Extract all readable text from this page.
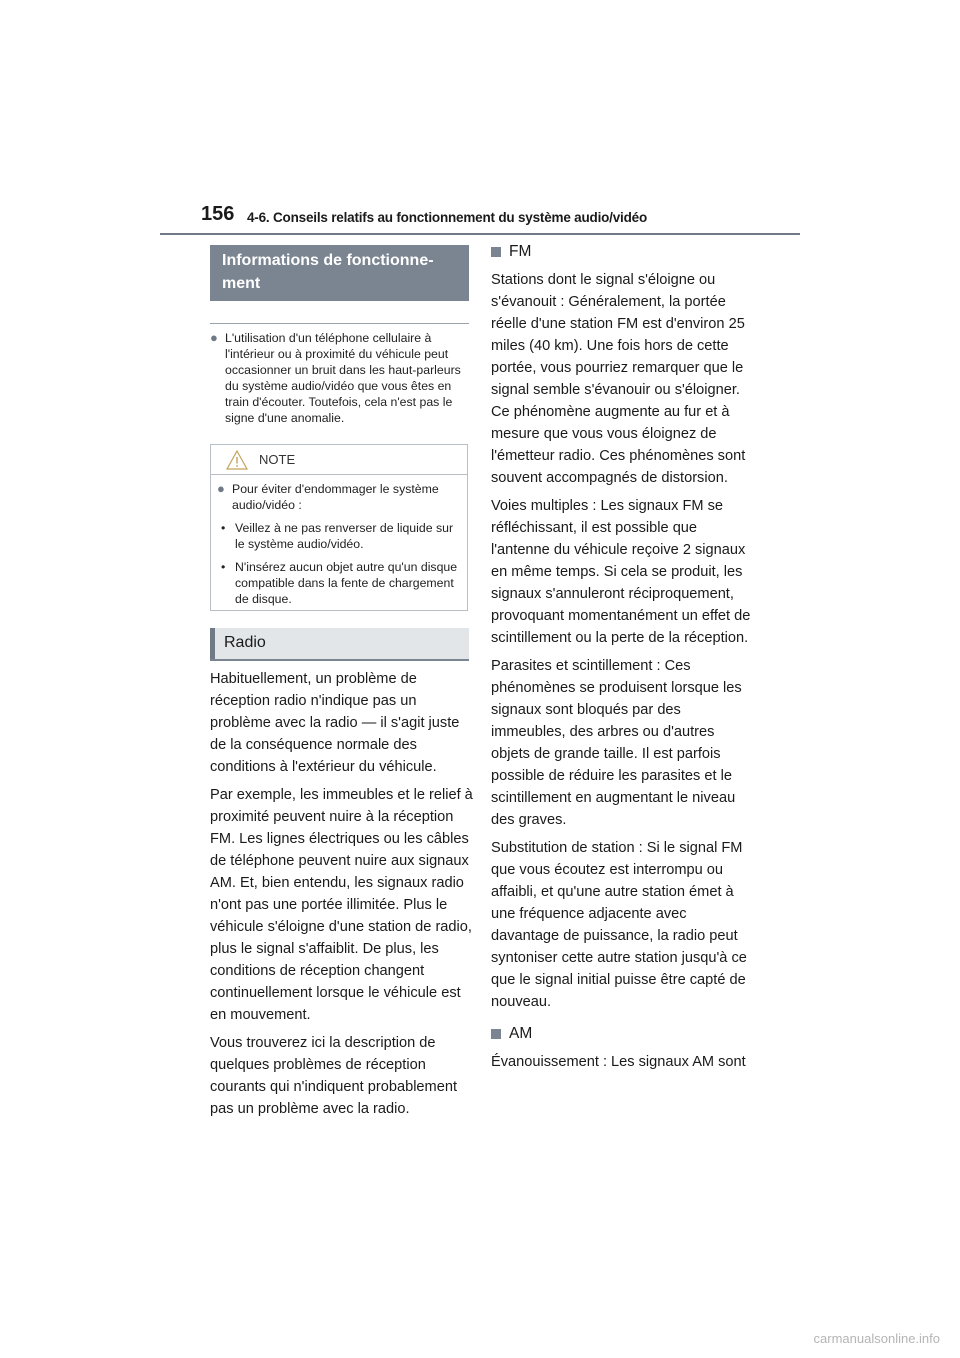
156 4-6. Conseils relatifs au fonctionnement du système audio/vidéo
Informations de fonctionne-
ment
● L'utilisation d'un téléphone cellulaire à l'intérieur ou à proximité du véhicule peut occasionner un bruit dans les haut-parleurs du système audio/vidéo que vous êtes en train d'écouter. Toutefois, cela n'est pas le signe d'une anomalie.
NOTE
● Pour éviter d'endommager le système audio/vidéo :
• Veillez à ne pas renverser de liquide sur le système audio/vidéo.
• N'insérez aucun objet autre qu'un disque compatible dans la fente de chargement de disque.
Radio

Habituellement, un problème de réception radio n'indique pas un problème avec la radio — il s'agit juste de la conséquence normale des conditions à l'extérieur du véhicule.

Par exemple, les immeubles et le relief à proximité peuvent nuire à la réception FM. Les lignes électriques ou les câbles de téléphone peuvent nuire aux signaux AM. Et, bien entendu, les signaux radio n'ont pas une portée illimitée. Plus le véhicule s'éloigne d'une station de radio, plus le signal s'affaiblit. De plus, les conditions de réception changent continuellement lorsque le véhicule est en mouvement.

Vous trouverez ici la description de quelques problèmes de réception courants qui n'indiquent probablement pas un problème avec la radio.

FM

Stations dont le signal s'éloigne ou s'évanouit : Généralement, la portée réelle d'une station FM est d'environ 25 miles (40 km). Une fois hors de cette portée, vous pourriez remarquer que le signal semble s'évanouir ou s'éloigner. Ce phénomène augmente au fur et à mesure que vous vous éloignez de l'émetteur radio. Ces phénomènes sont souvent accompagnés de distorsion.

Voies multiples : Les signaux FM se réfléchissant, il est possible que l'antenne du véhicule reçoive 2 signaux en même temps. Si cela se produit, les signaux s'annuleront réciproquement, provoquant momentanément un effet de scintillement ou la perte de la réception.

Parasites et scintillement : Ces phénomènes se produisent lorsque les signaux sont bloqués par des immeubles, des arbres ou d'autres objets de grande taille. Il est parfois possible de réduire les parasites et le scintillement en augmentant le niveau des graves.

Substitution de station : Si le signal FM que vous écoutez est interrompu ou affaibli, et qu'une autre station émet à une fréquence adjacente avec davantage de puissance, la radio peut syntoniser cette autre station jusqu'à ce que le signal initial puisse être capté de nouveau.

AM

Évanouissement : Les signaux AM sont

carmanualsonline.info
